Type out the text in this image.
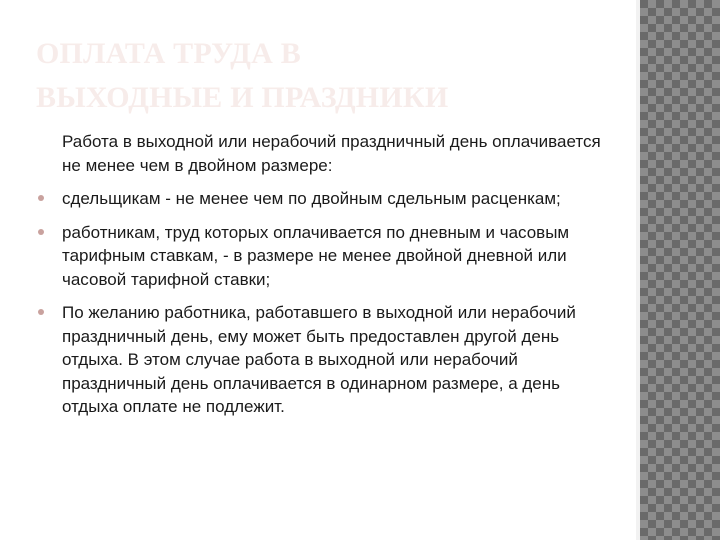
ОПЛАТА ТРУДА В
ВЫХОДНЫЕ И ПРАЗДНИКИ

Работа в выходной или нерабочий праздничный день оплачивается не менее чем в двойном размере:

сдельщикам - не менее чем по двойным сдельным расценкам;
работникам, труд которых оплачивается по дневным и часовым тарифным ставкам, - в размере не менее двойной дневной или часовой тарифной ставки;
По желанию работника, работавшего в выходной или нерабочий праздничный день, ему может быть предоставлен другой день отдыха. В этом случае работа в выходной или нерабочий праздничный день оплачивается в одинарном размере, а день отдыха оплате не подлежит.
